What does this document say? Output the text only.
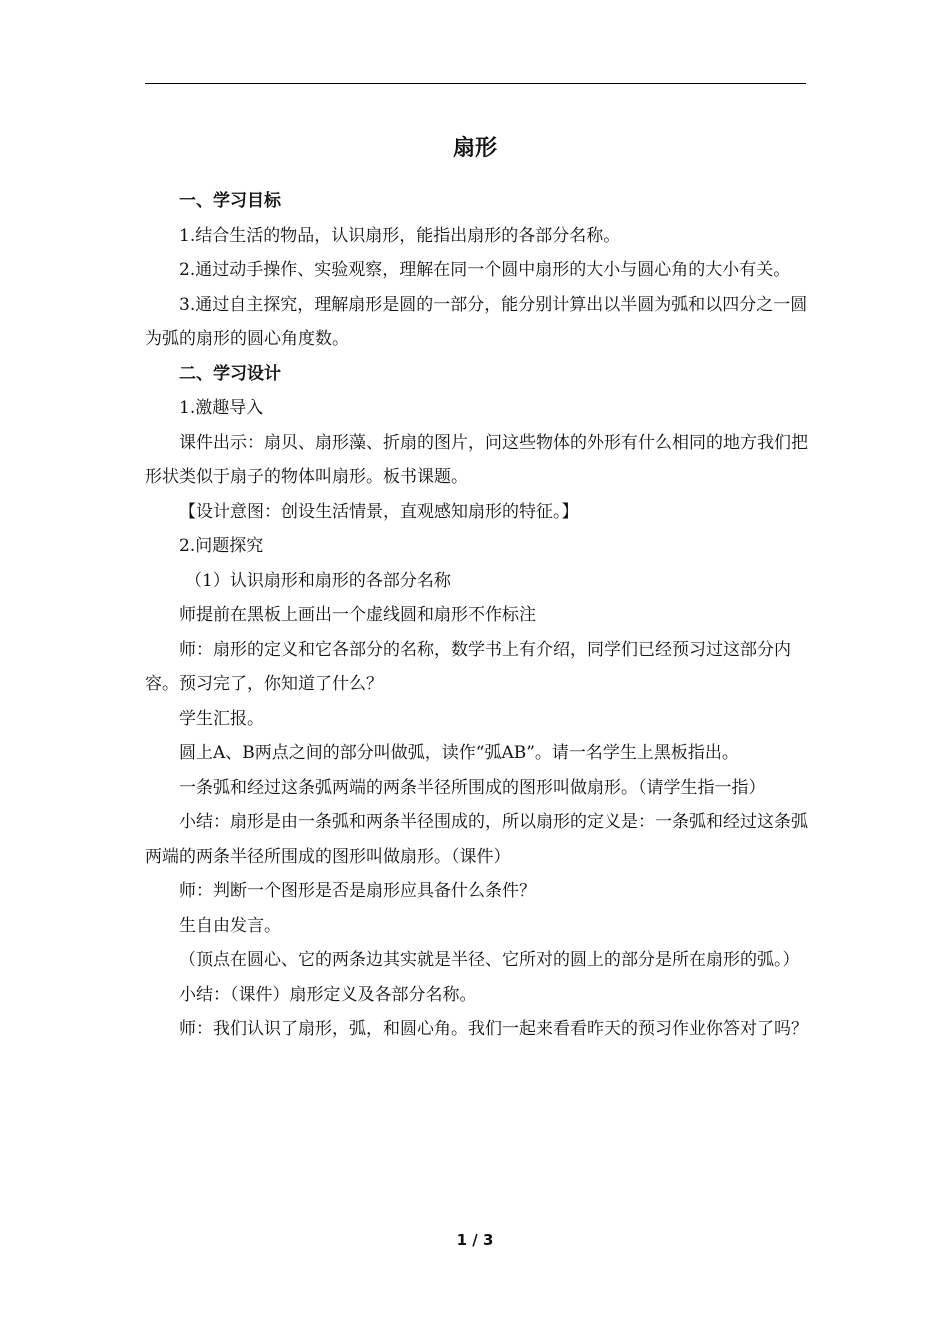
扇形

一、学习目标

1.结合生活的物品，认识扇形，能指出扇形的各部分名称。

2.通过动手操作、实验观察，理解在同一个圆中扇形的大小与圆心角的大小有关。

3.通过自主探究，理解扇形是圆的一部分，能分别计算出以半圆为弧和以四分之一圆为弧的扇形的圆心角度数。

二、学习设计

1.激趣导入

课件出示：扇贝、扇形藻、折扇的图片，问这些物体的外形有什么相同的地方我们把形状类似于扇子的物体叫扇形。板书课题。

【设计意图：创设生活情景，直观感知扇形的特征。】

2.问题探究

（1）认识扇形和扇形的各部分名称

师提前在黑板上画出一个虚线圆和扇形不作标注

师：扇形的定义和它各部分的名称，数学书上有介绍，同学们已经预习过这部分内容。预习完了，你知道了什么？

学生汇报。

圆上A、B两点之间的部分叫做弧，读作“弧AB”。请一名学生上黑板指出。

一条弧和经过这条弧两端的两条半径所围成的图形叫做扇形。（请学生指一指）

小结：扇形是由一条弧和两条半径围成的，所以扇形的定义是：一条弧和经过这条弧两端的两条半径所围成的图形叫做扇形。（课件）

师：判断一个图形是否是扇形应具备什么条件？

生自由发言。

（顶点在圆心、它的两条边其实就是半径、它所对的圆上的部分是所在扇形的弧。）

小结：（课件）扇形定义及各部分名称。

师：我们认识了扇形，弧，和圆心角。我们一起来看看昨天的预习作业你答对了吗？

1 / 3
